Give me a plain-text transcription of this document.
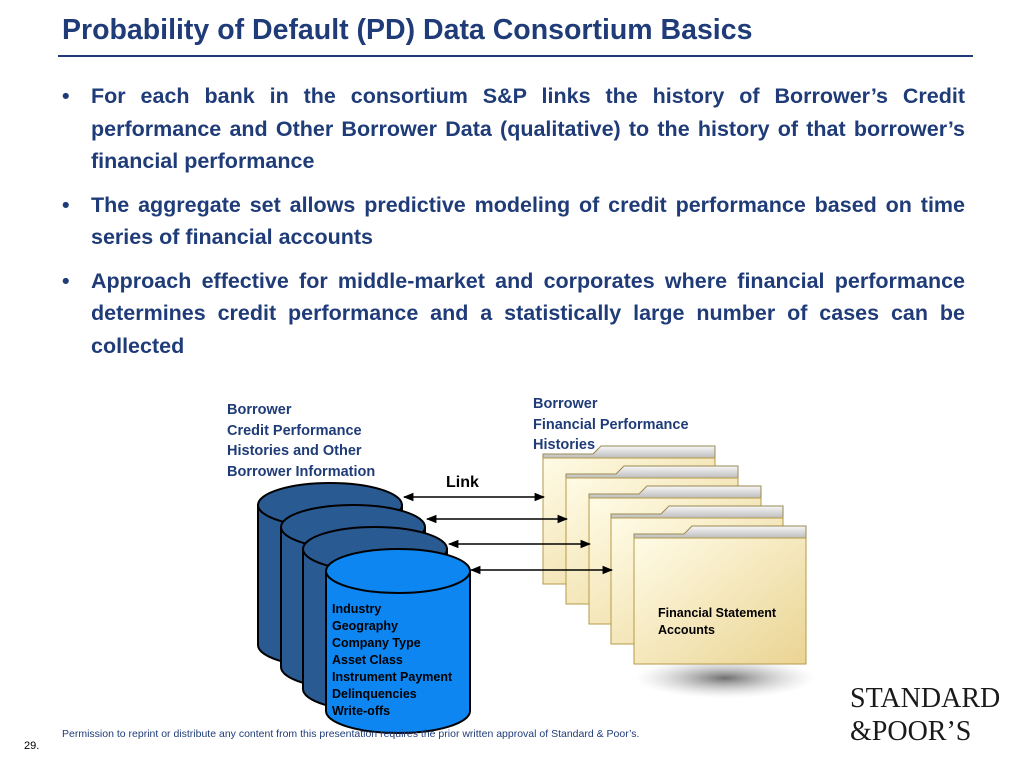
Probability of Default (PD) Data Consortium Basics
• For each bank in the consortium S&P links the history of Borrower’s Credit performance and Other Borrower Data (qualitative) to the history of that borrower’s financial performance
• The aggregate set allows predictive modeling of credit performance based on time series of financial accounts
• Approach effective for middle-market and corporates where financial performance determines credit performance and a statistically large number of cases can be collected
Borrower
Credit Performance
Histories and Other
Borrower Information
Borrower
Financial Performance
Histories
Link
Industry
Geography
Company Type
Asset Class
Instrument Payment
Delinquencies
Write-offs
Financial Statement
Accounts
Permission to reprint or distribute any content from this presentation requires the prior written approval of Standard & Poor’s.
29.
STANDARD
&POOR’S
